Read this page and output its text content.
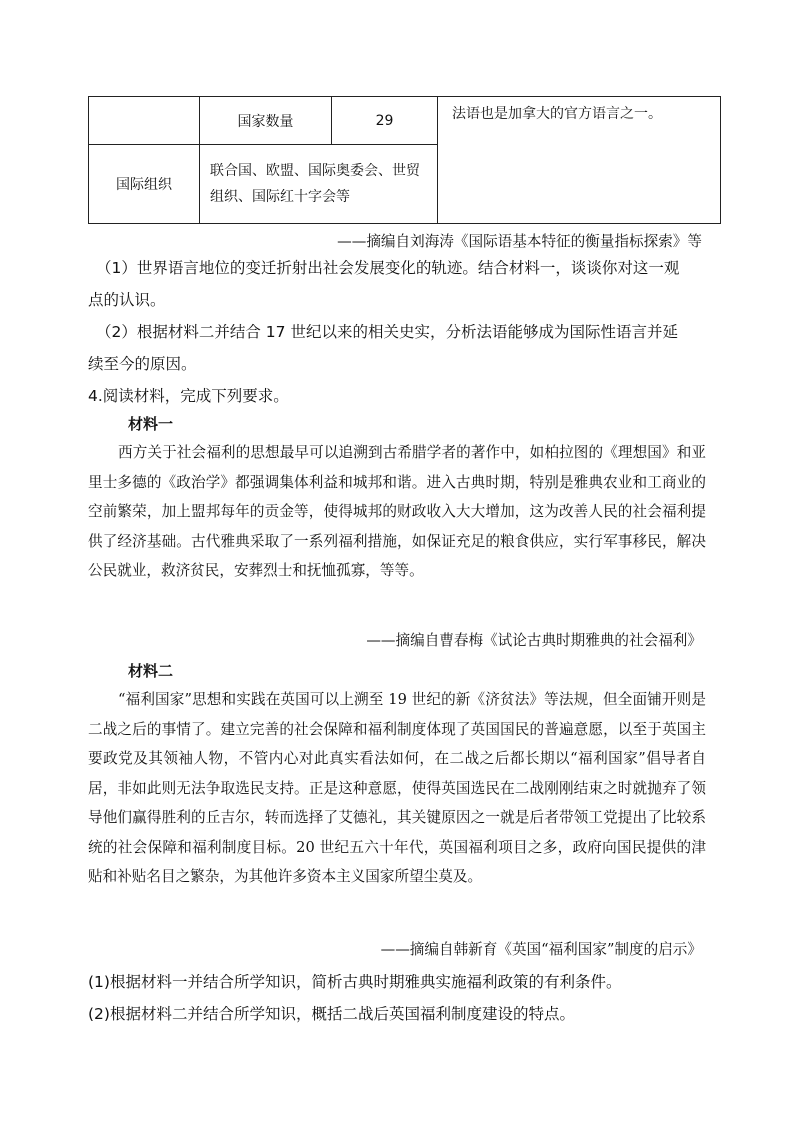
	国家数量	29	法语也是加拿大的官方语言之一。
国际组织	联合国、欧盟、国际奥委会、世贸组织、国际红十字会等		
——摘编自刘海涛《国际语基本特征的衡量指标探索》等
（1）世界语言地位的变迁折射出社会发展变化的轨迹。结合材料一，谈谈你对这一观
点的认识。
（2）根据材料二并结合 17 世纪以来的相关史实，分析法语能够成为国际性语言并延
续至今的原因。
4.阅读材料，完成下列要求。
材料一
西方关于社会福利的思想最早可以追溯到古希腊学者的著作中，如柏拉图的《理想国》和亚里士多德的《政治学》都强调集体利益和城邦和谐。进入古典时期，特别是雅典农业和工商业的空前繁荣，加上盟邦每年的贡金等，使得城邦的财政收入大大增加，这为改善人民的社会福利提供了经济基础。古代雅典采取了一系列福利措施，如保证充足的粮食供应，实行军事移民，解决公民就业，救济贫民，安葬烈士和抚恤孤寡，等等。
——摘编自曹春梅《试论古典时期雅典的社会福利》
材料二
“福利国家”思想和实践在英国可以上溯至 19 世纪的新《济贫法》等法规，但全面铺开则是二战之后的事情了。建立完善的社会保障和福利制度体现了英国国民的普遍意愿，以至于英国主要政党及其领袖人物，不管内心对此真实看法如何，在二战之后都长期以“福利国家”倡导者自居，非如此则无法争取选民支持。正是这种意愿，使得英国选民在二战刚刚结束之时就抛弃了领导他们赢得胜利的丘吉尔，转而选择了艾德礼，其关键原因之一就是后者带领工党提出了比较系统的社会保障和福利制度目标。20 世纪五六十年代，英国福利项目之多，政府向国民提供的津贴和补贴名目之繁杂，为其他许多资本主义国家所望尘莫及。
——摘编自韩新育《英国“福利国家”制度的启示》
(1)根据材料一并结合所学知识，简析古典时期雅典实施福利政策的有利条件。
(2)根据材料二并结合所学知识，概括二战后英国福利制度建设的特点。
